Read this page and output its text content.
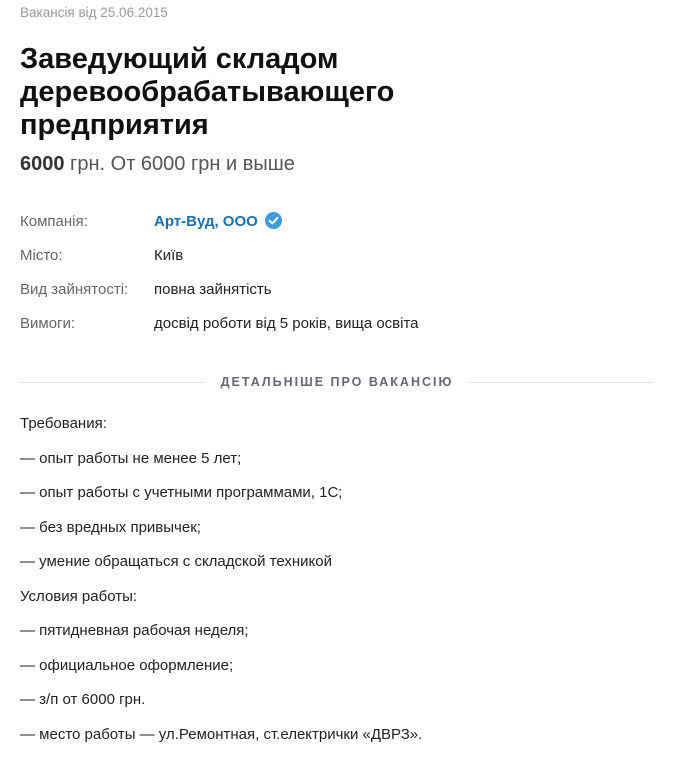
Вакансія від 25.06.2015
Заведующий складом деревообрабатывающего предприятия
6000 грн. От 6000 грн и выше
Компанія:	Арт-Вуд, ООО
Місто:	Київ
Вид зайнятості:	повна зайнятість
Вимоги:	досвід роботи від 5 років, вища освіта
ДЕТАЛЬНІШЕ ПРО ВАКАНСІЮ
Требования:
— опыт работы не менее 5 лет;
— опыт работы с учетными программами, 1С;
— без вредных привычек;
— умение обращаться с складской техникой
Условия работы:
— пятидневная рабочая неделя;
— официальное оформление;
— з/п от 6000 грн.
— место работы — ул.Ремонтная, ст.електрички «ДВРЗ».
